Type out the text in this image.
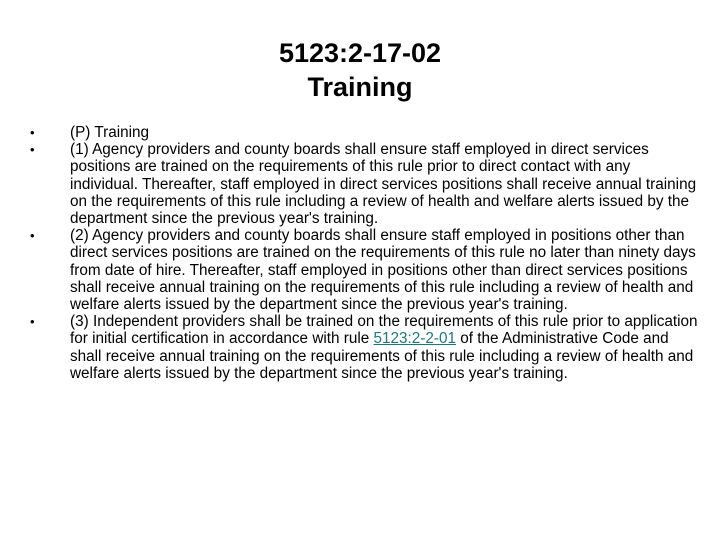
5123:2-17-02
Training
• (P) Training
• (1) Agency providers and county boards shall ensure staff employed in direct services positions are trained on the requirements of this rule prior to direct contact with any individual. Thereafter, staff employed in direct services positions shall receive annual training on the requirements of this rule including a review of health and welfare alerts issued by the department since the previous year's training.
• (2) Agency providers and county boards shall ensure staff employed in positions other than direct services positions are trained on the requirements of this rule no later than ninety days from date of hire. Thereafter, staff employed in positions other than direct services positions shall receive annual training on the requirements of this rule including a review of health and welfare alerts issued by the department since the previous year's training.
• (3) Independent providers shall be trained on the requirements of this rule prior to application for initial certification in accordance with rule 5123:2-2-01 of the Administrative Code and shall receive annual training on the requirements of this rule including a review of health and welfare alerts issued by the department since the previous year's training.
